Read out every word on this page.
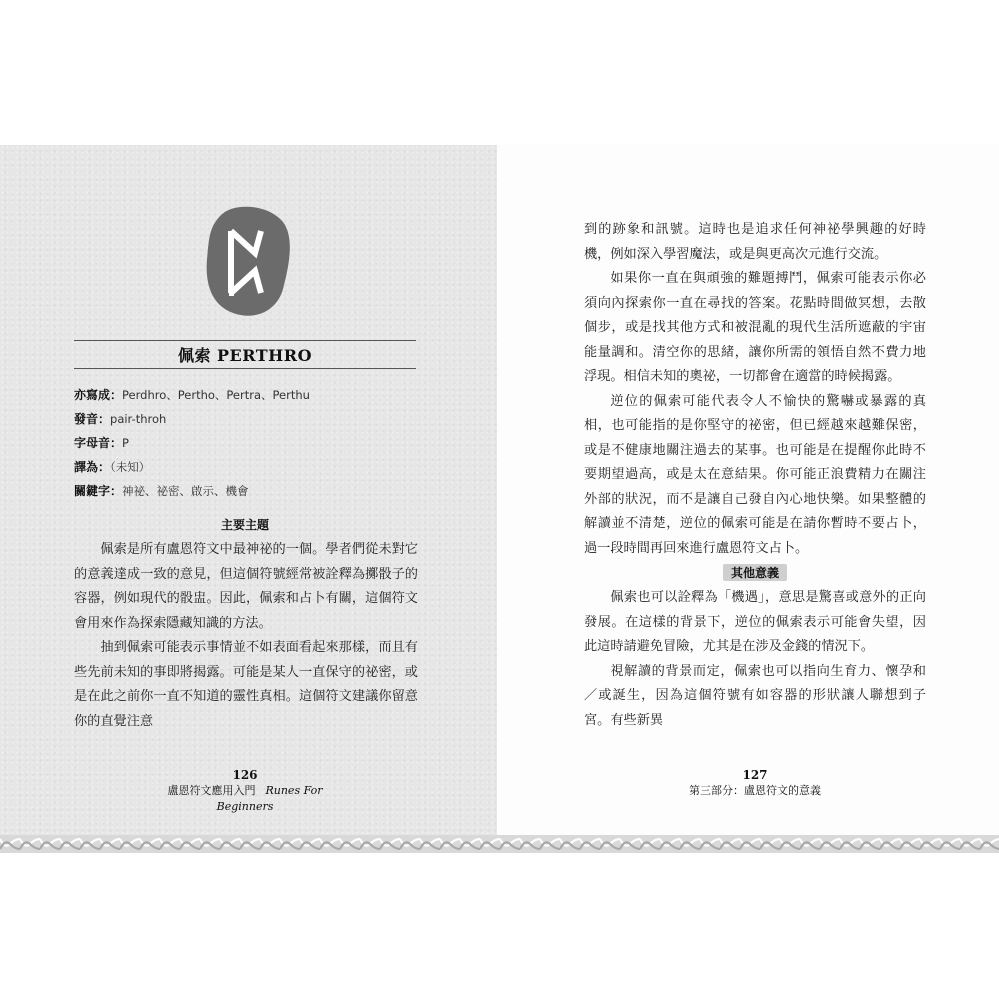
佩索 PERTHRO
亦寫成：Perdhro、Pertho、Pertra、Perthu
發音：pair-throh
字母音：P
譯為：（未知）
關鍵字：神祕、祕密、啟示、機會
主要主題

佩索是所有盧恩符文中最神祕的一個。學者們從未對它的意義達成一致的意見，但這個符號經常被詮釋為擲骰子的容器，例如現代的骰盅。因此，佩索和占卜有關，這個符文會用來作為探索隱藏知識的方法。

抽到佩索可能表示事情並不如表面看起來那樣，而且有些先前未知的事即將揭露。可能是某人一直保守的祕密，或是在此之前你一直不知道的靈性真相。這個符文建議你留意你的直覺注意

126
盧恩符文應用入門 Runes For Beginners

到的跡象和訊號。這時也是追求任何神祕學興趣的好時機，例如深入學習魔法，或是與更高次元進行交流。

如果你一直在與頑強的難題搏鬥，佩索可能表示你必須向內探索你一直在尋找的答案。花點時間做冥想，去散個步，或是找其他方式和被混亂的現代生活所遮蔽的宇宙能量調和。清空你的思緒，讓你所需的領悟自然不費力地浮現。相信未知的奧祕，一切都會在適當的時候揭露。

逆位的佩索可能代表令人不愉快的驚嚇或暴露的真相，也可能指的是你堅守的祕密，但已經越來越難保密，或是不健康地關注過去的某事。也可能是在提醒你此時不要期望過高，或是太在意結果。你可能正浪費精力在關注外部的狀況，而不是讓自己發自內心地快樂。如果整體的解讀並不清楚，逆位的佩索可能是在請你暫時不要占卜，過一段時間再回來進行盧恩符文占卜。

其他意義

佩索也可以詮釋為「機遇」，意思是驚喜或意外的正向發展。在這樣的背景下，逆位的佩索表示可能會失望，因此這時請避免冒險，尤其是在涉及金錢的情況下。

視解讀的背景而定，佩索也可以指向生育力、懷孕和／或誕生，因為這個符號有如容器的形狀讓人聯想到子宮。有些新異

127
第三部分：盧恩符文的意義
